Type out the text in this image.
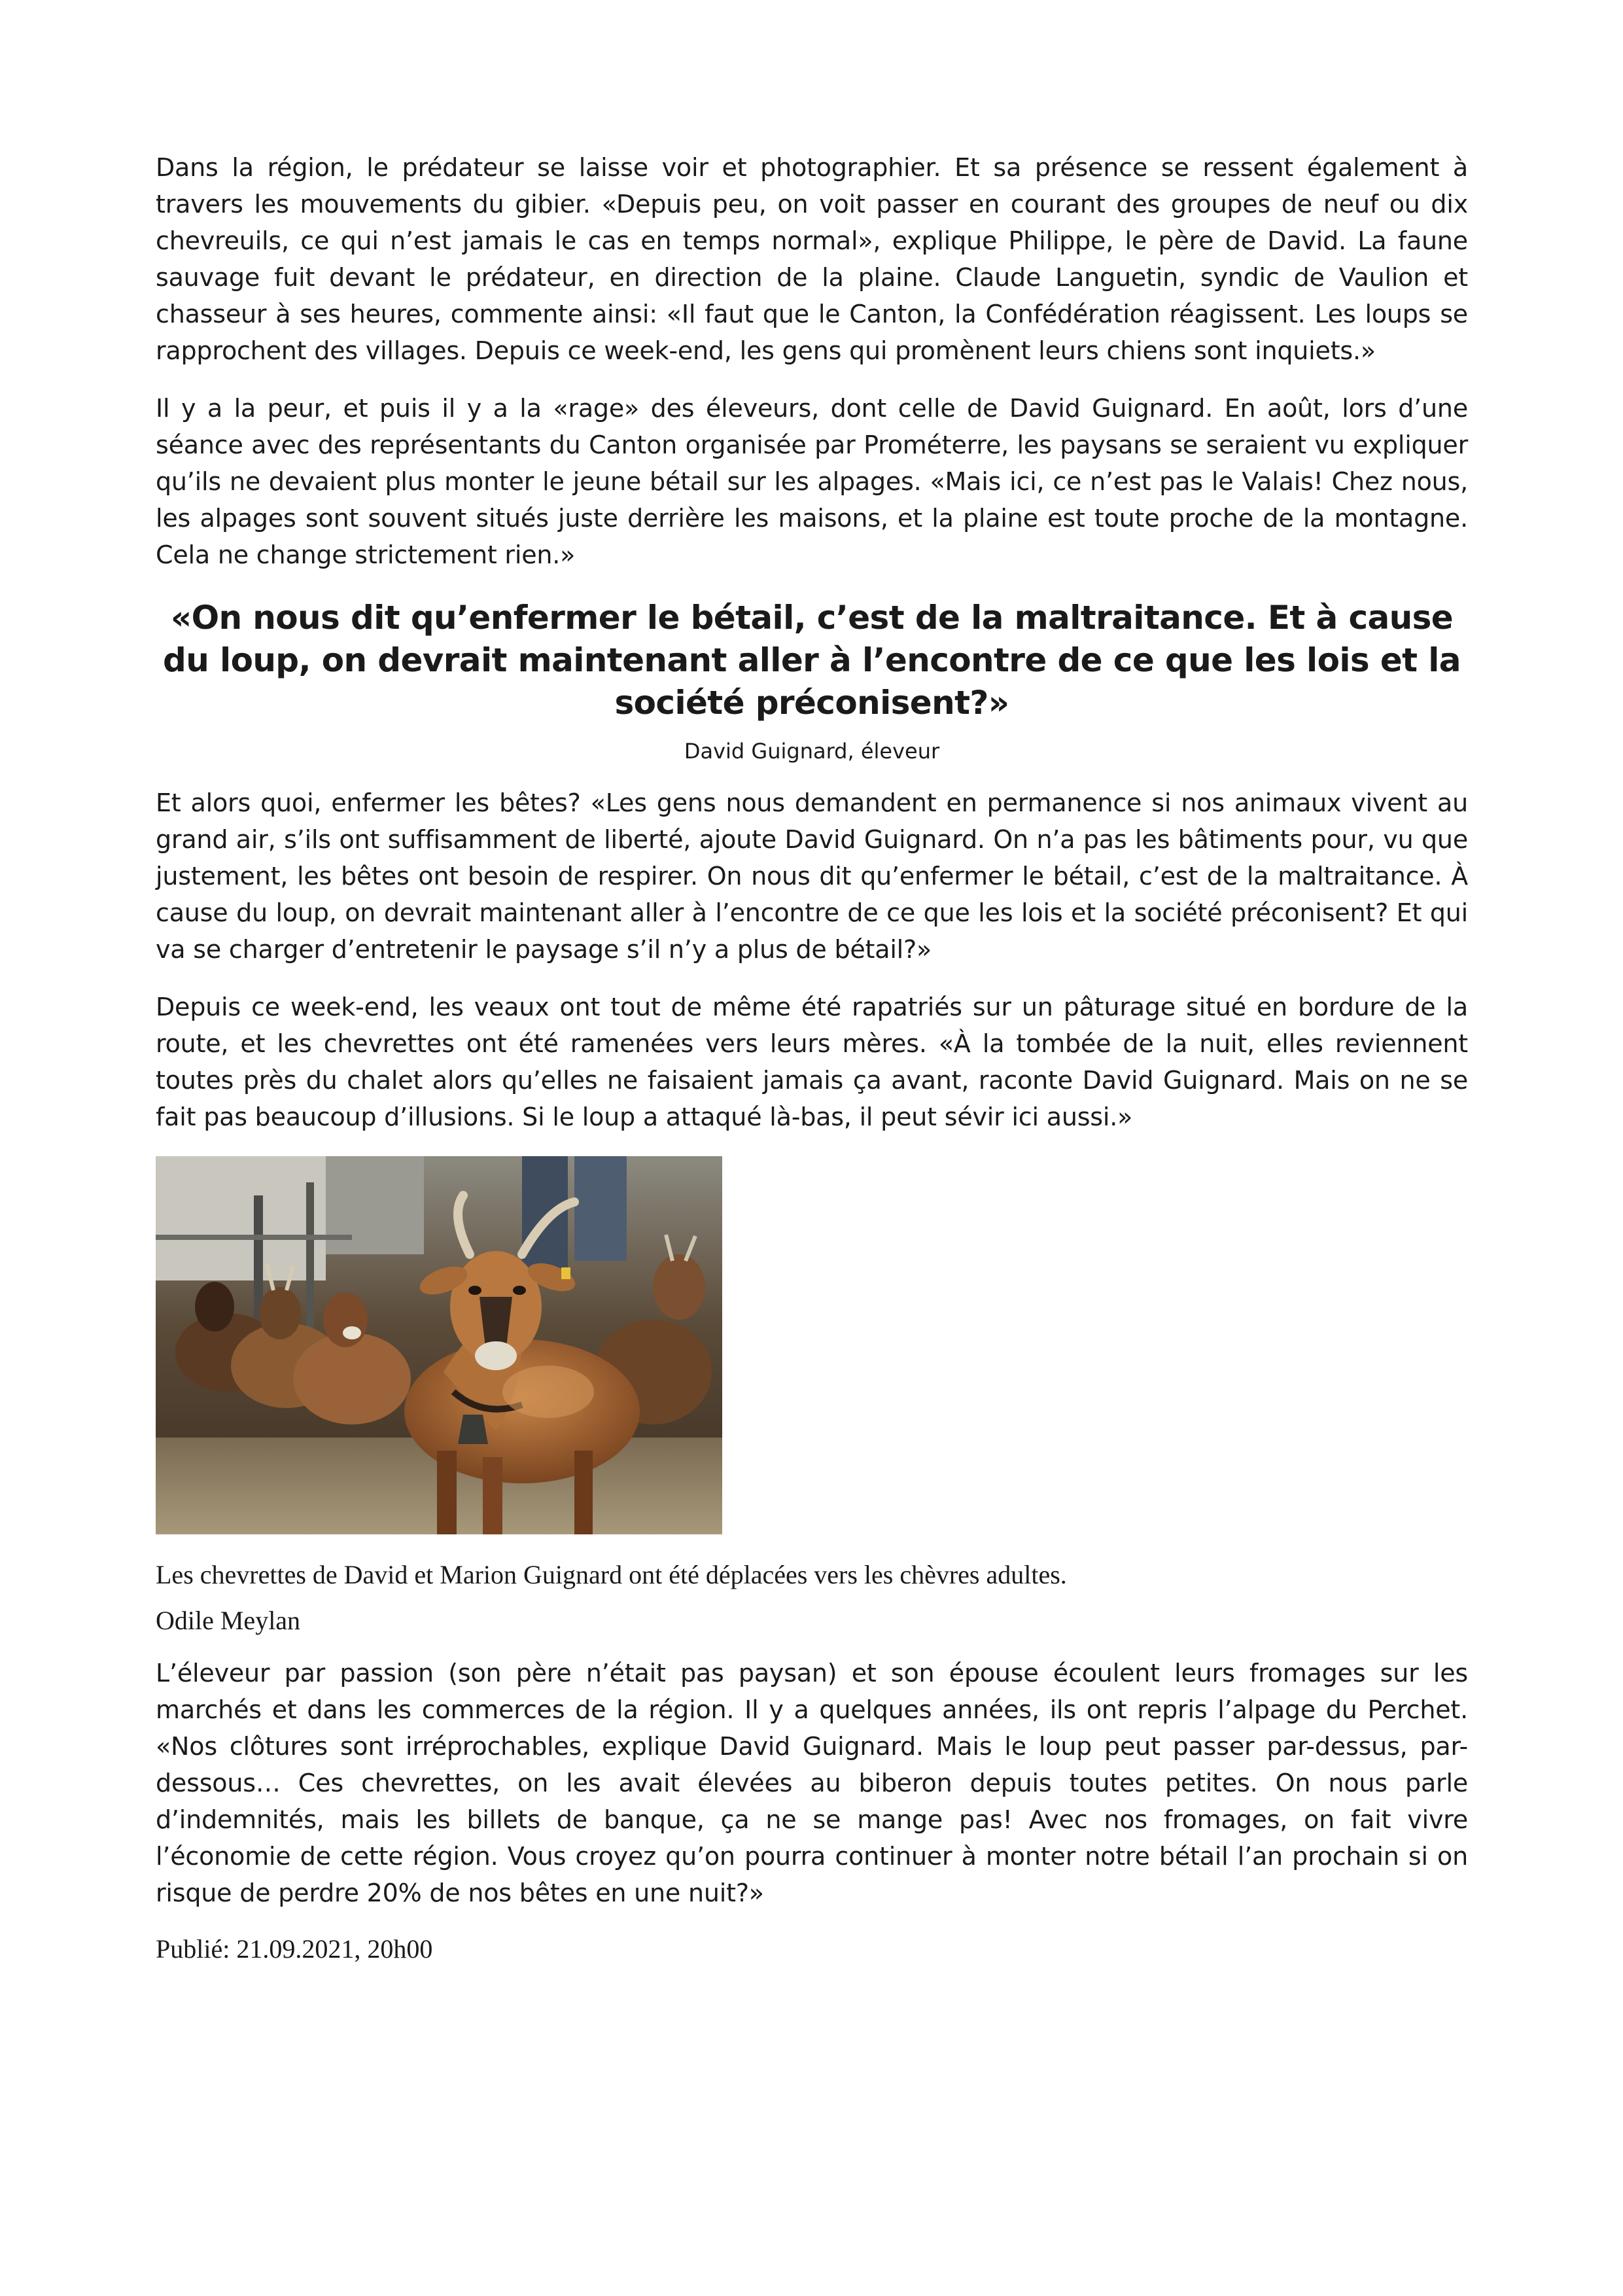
Dans la région, le prédateur se laisse voir et photographier. Et sa présence se ressent également à travers les mouvements du gibier. «Depuis peu, on voit passer en courant des groupes de neuf ou dix chevreuils, ce qui n’est jamais le cas en temps normal», explique Philippe, le père de David. La faune sauvage fuit devant le prédateur, en direction de la plaine. Claude Languetin, syndic de Vaulion et chasseur à ses heures, commente ainsi: «Il faut que le Canton, la Confédération réagissent. Les loups se rapprochent des villages. Depuis ce week-end, les gens qui promènent leurs chiens sont inquiets.»

Il y a la peur, et puis il y a la «rage» des éleveurs, dont celle de David Guignard. En août, lors d’une séance avec des représentants du Canton organisée par Prométerre, les paysans se seraient vu expliquer qu’ils ne devaient plus monter le jeune bétail sur les alpages. «Mais ici, ce n’est pas le Valais! Chez nous, les alpages sont souvent situés juste derrière les maisons, et la plaine est toute proche de la montagne. Cela ne change strictement rien.»

«On nous dit qu’enfermer le bétail, c’est de la maltraitance. Et à cause du loup, on devrait maintenant aller à l’encontre de ce que les lois et la société préconisent?»
David Guignard, éleveur

Et alors quoi, enfermer les bêtes? «Les gens nous demandent en permanence si nos animaux vivent au grand air, s’ils ont suffisamment de liberté, ajoute David Guignard. On n’a pas les bâtiments pour, vu que justement, les bêtes ont besoin de respirer. On nous dit qu’enfermer le bétail, c’est de la maltraitance. À cause du loup, on devrait maintenant aller à l’encontre de ce que les lois et la société préconisent? Et qui va se charger d’entretenir le paysage s’il n’y a plus de bétail?»

Depuis ce week-end, les veaux ont tout de même été rapatriés sur un pâturage situé en bordure de la route, et les chevrettes ont été ramenées vers leurs mères. «À la tombée de la nuit, elles reviennent toutes près du chalet alors qu’elles ne faisaient jamais ça avant, raconte David Guignard. Mais on ne se fait pas beaucoup d’illusions. Si le loup a attaqué là-bas, il peut sévir ici aussi.»

Les chevrettes de David et Marion Guignard ont été déplacées vers les chèvres adultes.
Odile Meylan

L’éleveur par passion (son père n’était pas paysan) et son épouse écoulent leurs fromages sur les marchés et dans les commerces de la région. Il y a quelques années, ils ont repris l’alpage du Perchet. «Nos clôtures sont irréprochables, explique David Guignard. Mais le loup peut passer par-dessus, par-dessous… Ces chevrettes, on les avait élevées au biberon depuis toutes petites. On nous parle d’indemnités, mais les billets de banque, ça ne se mange pas! Avec nos fromages, on fait vivre l’économie de cette région. Vous croyez qu’on pourra continuer à monter notre bétail l’an prochain si on risque de perdre 20% de nos bêtes en une nuit?»

Publié: 21.09.2021, 20h00
